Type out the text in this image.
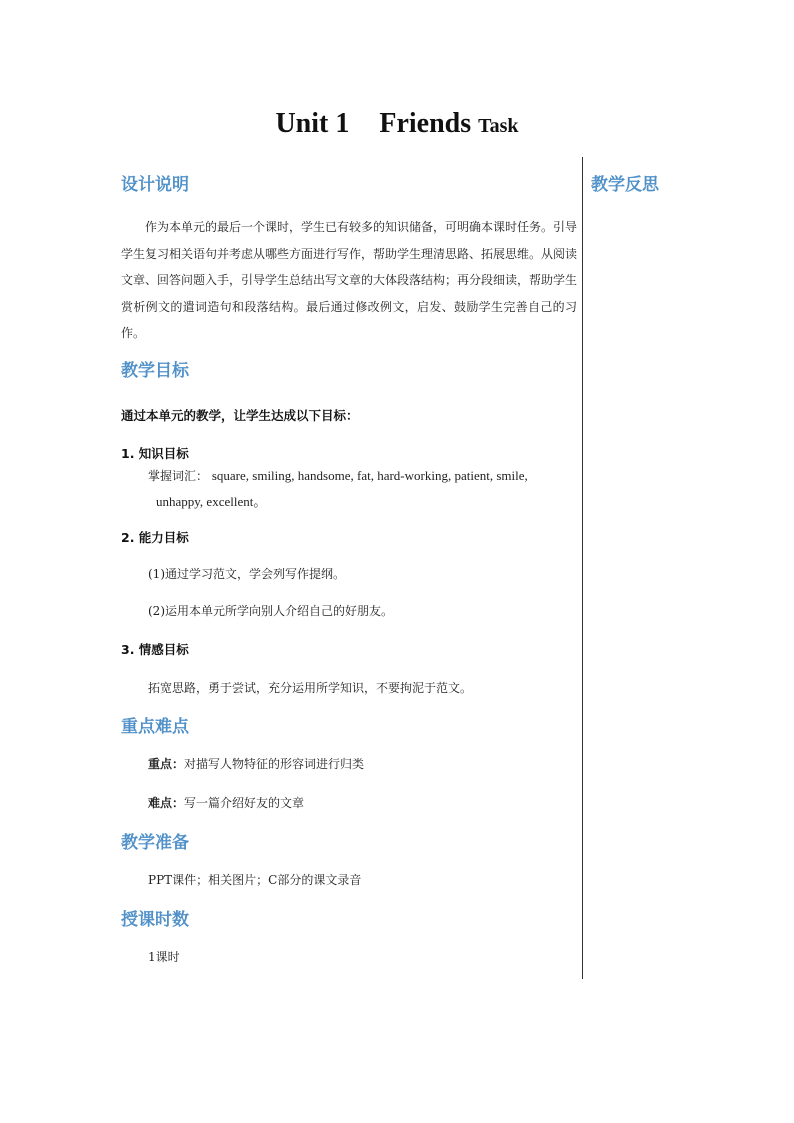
Unit 1 Friends Task
设计说明	教学反思

作为本单元的最后一个课时，学生已有较多的知识储备，可明确本课时任务。引导学生复习相关语句并考虑从哪些方面进行写作，帮助学生理清思路、拓展思维。从阅读文章、回答问题入手，引导学生总结出写文章的大体段落结构；再分段细读，帮助学生赏析例文的遣词造句和段落结构。最后通过修改例文，启发、鼓励学生完善自己的习作。

教学目标

通过本单元的教学，让学生达成以下目标：

1. 知识目标

掌握词汇： square, smiling, handsome, fat, hard-working, patient, smile,

unhappy, excellent。

2. 能力目标

(1)通过学习范文，学会列写作提纲。

(2)运用本单元所学向别人介绍自己的好朋友。

3. 情感目标

拓宽思路，勇于尝试，充分运用所学知识，不要拘泥于范文。

重点难点

重点：对描写人物特征的形容词进行归类

难点：写一篇介绍好友的文章

教学准备

PPT课件；相关图片；C部分的课文录音

授课时数

1课时
